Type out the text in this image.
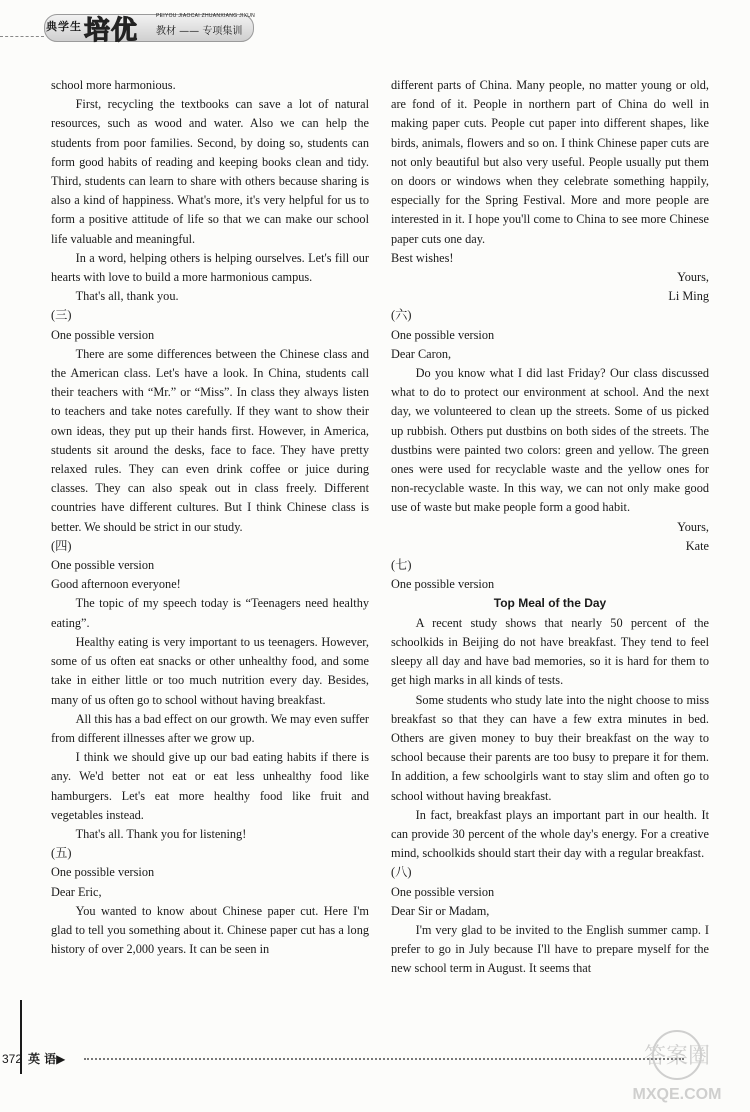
典学生 培优	PEIYOU JIAOCAI ZHUANXIANG JIXUN
教材 —— 专项集训

school more harmonious.

First, recycling the textbooks can save a lot of natural resources, such as wood and water. Also we can help the students from poor families. Second, by doing so, students can form good habits of reading and keeping books clean and tidy. Third, students can learn to share with others because sharing is also a kind of happiness. What's more, it's very helpful for us to form a positive attitude of life so that we can make our school life valuable and meaningful.

In a word, helping others is helping ourselves. Let's fill our hearts with love to build a more harmonious campus.

That's all, thank you.

(三)

One possible version

There are some differences between the Chinese class and the American class. Let's have a look. In China, students call their teachers with “Mr.” or “Miss”. In class they always listen to teachers and take notes carefully. If they want to show their own ideas, they put up their hands first. However, in America, students sit around the desks, face to face. They have pretty relaxed rules. They can even drink coffee or juice during classes. They can also speak out in class freely. Different countries have different cultures. But I think Chinese class is better. We should be strict in our study.

(四)

One possible version

Good afternoon everyone!

The topic of my speech today is “Teenagers need healthy eating”.

Healthy eating is very important to us teenagers. However, some of us often eat snacks or other unhealthy food, and some take in either little or too much nutrition every day. Besides, many of us often go to school without having breakfast.

All this has a bad effect on our growth. We may even suffer from different illnesses after we grow up.

I think we should give up our bad eating habits if there is any. We'd better not eat or eat less unhealthy food like hamburgers. Let's eat more healthy food like fruit and vegetables instead.

That's all. Thank you for listening!

(五)

One possible version

Dear Eric,

You wanted to know about Chinese paper cut. Here I'm glad to tell you something about it. Chinese paper cut has a long history of over 2,000 years. It can be seen in

different parts of China. Many people, no matter young or old, are fond of it. People in northern part of China do well in making paper cuts. People cut paper into different shapes, like birds, animals, flowers and so on. I think Chinese paper cuts are not only beautiful but also very useful. People usually put them on doors or windows when they celebrate something happily, especially for the Spring Festival. More and more people are interested in it. I hope you'll come to China to see more Chinese paper cuts one day.

Best wishes!

Yours,

Li Ming

(六)

One possible version

Dear Caron,

Do you know what I did last Friday? Our class discussed what to do to protect our environment at school. And the next day, we volunteered to clean up the streets. Some of us picked up rubbish. Others put dustbins on both sides of the streets. The dustbins were painted two colors: green and yellow. The green ones were used for recyclable waste and the yellow ones for non-recyclable waste. In this way, we can not only make good use of waste but make people form a good habit.

Yours,

Kate

(七)

One possible version

Top Meal of the Day

A recent study shows that nearly 50 percent of the schoolkids in Beijing do not have breakfast. They tend to feel sleepy all day and have bad memories, so it is hard for them to get high marks in all kinds of tests.

Some students who study late into the night choose to miss breakfast so that they can have a few extra minutes in bed. Others are given money to buy their breakfast on the way to school because their parents are too busy to prepare it for them. In addition, a few schoolgirls want to stay slim and often go to school without having breakfast.

In fact, breakfast plays an important part in our health. It can provide 30 percent of the whole day's energy. For a creative mind, schoolkids should start their day with a regular breakfast.

(八)

One possible version

Dear Sir or Madam,

I'm very glad to be invited to the English summer camp. I prefer to go in July because I'll have to prepare myself for the new school term in August. It seems that

372 英 语▶	答案圈
MXQE.COM
